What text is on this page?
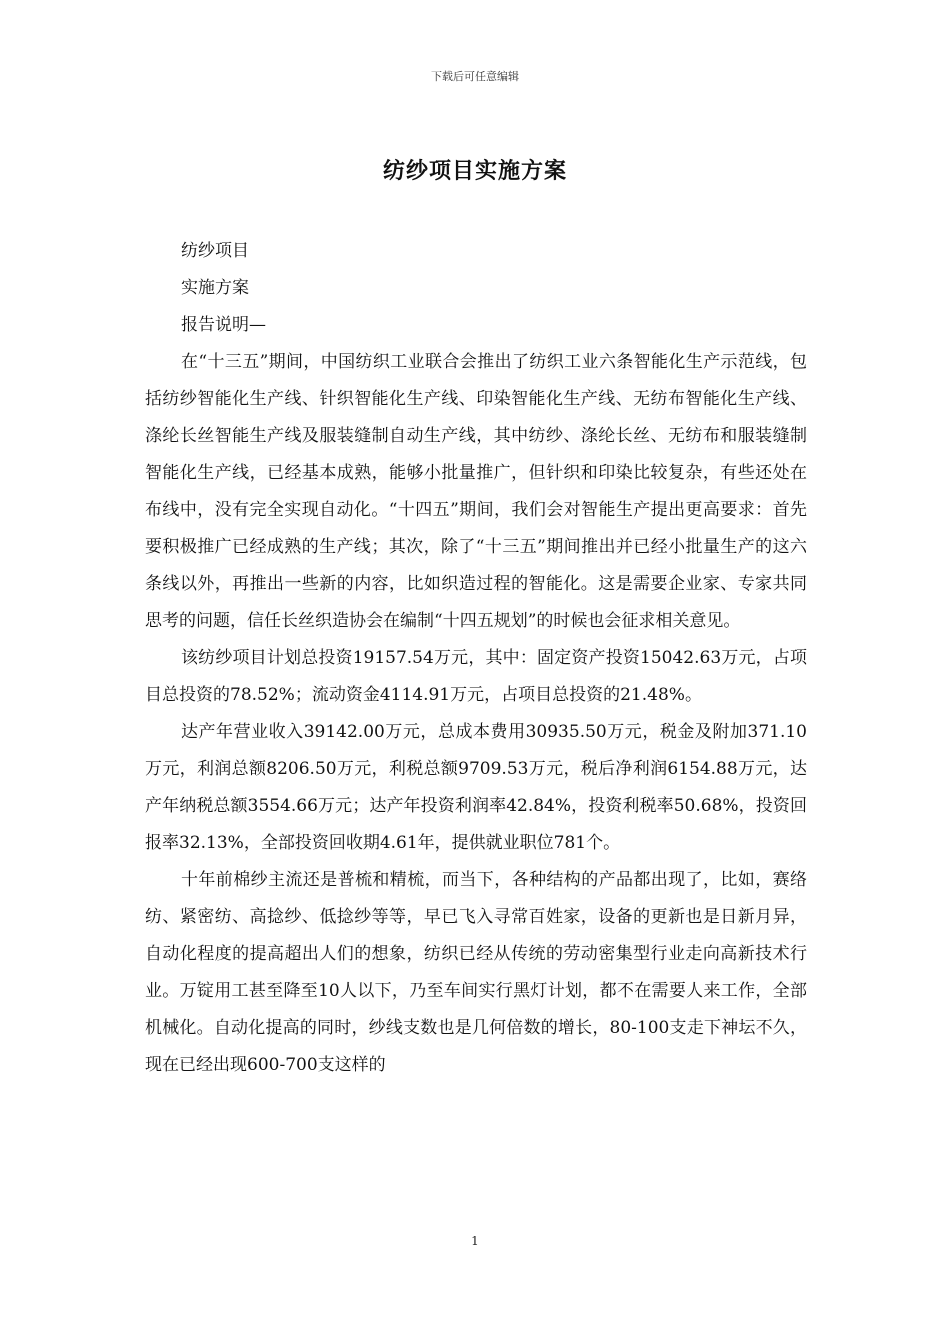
下载后可任意编辑
纺纱项目实施方案

纺纱项目

实施方案

报告说明—

在“十三五”期间，中国纺织工业联合会推出了纺织工业六条智能化生产示范线，包括纺纱智能化生产线、针织智能化生产线、印染智能化生产线、无纺布智能化生产线、涤纶长丝智能生产线及服装缝制自动生产线，其中纺纱、涤纶长丝、无纺布和服装缝制智能化生产线，已经基本成熟，能够小批量推广，但针织和印染比较复杂，有些还处在布线中，没有完全实现自动化。“十四五”期间，我们会对智能生产提出更高要求：首先要积极推广已经成熟的生产线；其次，除了“十三五”期间推出并已经小批量生产的这六条线以外，再推出一些新的内容，比如织造过程的智能化。这是需要企业家、专家共同思考的问题，信任长丝织造协会在编制“十四五规划”的时候也会征求相关意见。

该纺纱项目计划总投资19157.54万元，其中：固定资产投资15042.63万元，占项目总投资的78.52%；流动资金4114.91万元，占项目总投资的21.48%。

达产年营业收入39142.00万元，总成本费用30935.50万元，税金及附加371.10万元，利润总额8206.50万元，利税总额9709.53万元，税后净利润6154.88万元，达产年纳税总额3554.66万元；达产年投资利润率42.84%，投资利税率50.68%，投资回报率32.13%，全部投资回收期4.61年，提供就业职位781个。

十年前棉纱主流还是普梳和精梳，而当下，各种结构的产品都出现了，比如，赛络纺、紧密纺、高捻纱、低捻纱等等，早已飞入寻常百姓家，设备的更新也是日新月异，自动化程度的提高超出人们的想象，纺织已经从传统的劳动密集型行业走向高新技术行业。万锭用工甚至降至10人以下，乃至车间实行黑灯计划，都不在需要人来工作，全部机械化。自动化提高的同时，纱线支数也是几何倍数的增长，80-100支走下神坛不久，现在已经出现600-700支这样的

1
